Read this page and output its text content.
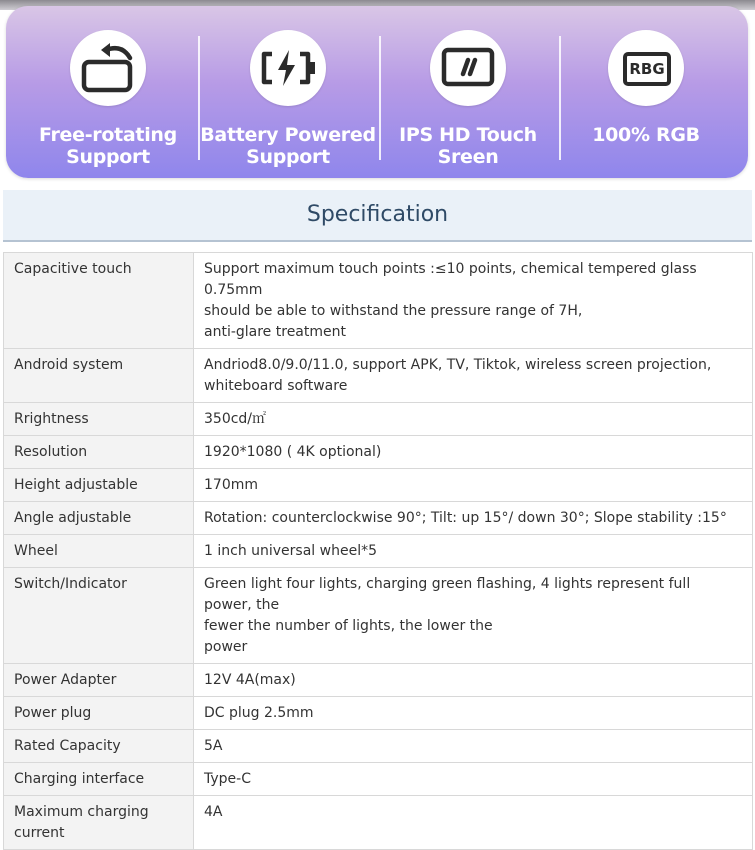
Free-rotating
Support
Battery Powered
Support
IPS HD Touch
Sreen
RBG
100% RGB
Specification
Capacitive touch	Support maximum touch points :≤10 points, chemical tempered glass 0.75mm
should be able to withstand the pressure range of 7H,
anti-glare treatment

Android system	Andriod8.0/9.0/11.0, support APK, TV, Tiktok, wireless screen projection,
whiteboard software

Rrightness	350cd/㎡

Resolution	1920*1080 ( 4K optional)

Height adjustable	170mm

Angle adjustable	Rotation: counterclockwise 90°; Tilt: up 15°/ down 30°; Slope stability :15°

Wheel	1 inch universal wheel*5

Switch/Indicator	Green light four lights, charging green flashing, 4 lights represent full power, the
fewer the number of lights, the lower the
power

Power Adapter	12V 4A(max)

Power plug	DC plug 2.5mm

Rated Capacity	5A

Charging interface	Type-C

Maximum charging
current	4A
